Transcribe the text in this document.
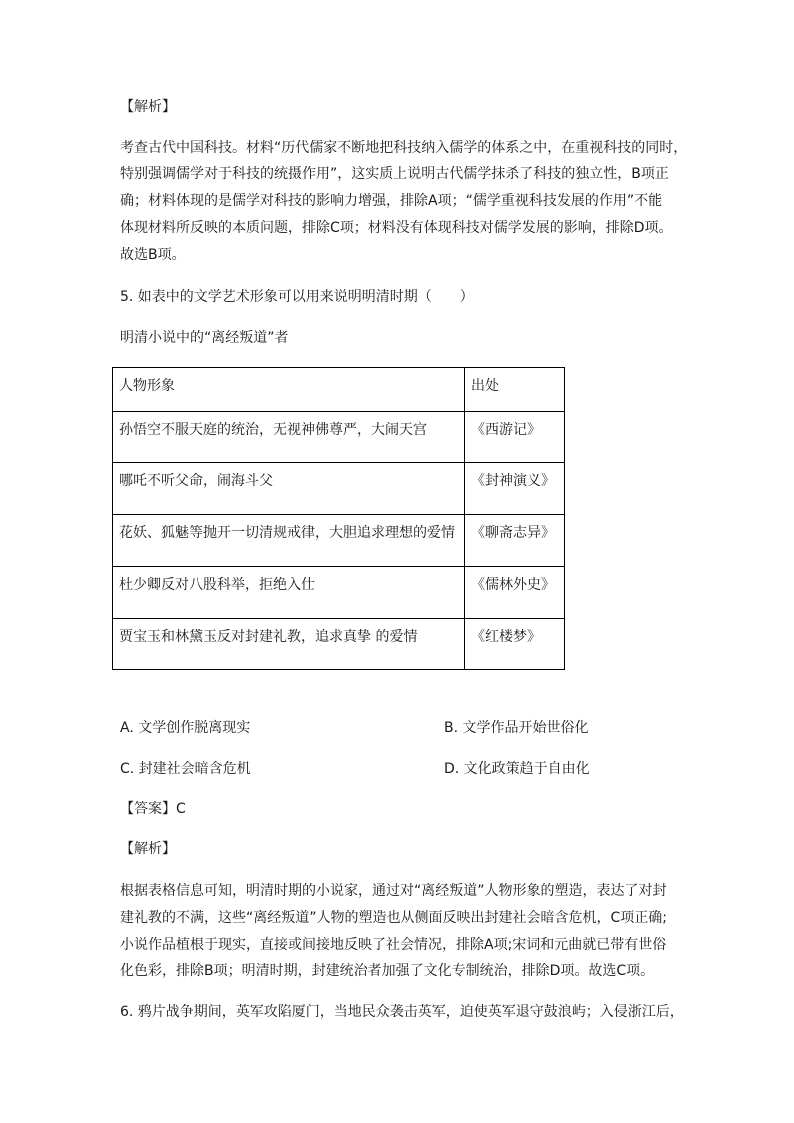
【解析】
考查古代中国科技。材料“历代儒家不断地把科技纳入儒学的体系之中，在重视科技的同时，
特别强调儒学对于科技的统摄作用”，这实质上说明古代儒学抹杀了科技的独立性，B项正
确；材料体现的是儒学对科技的影响力增强，排除A项；“儒学重视科技发展的作用”不能
体现材料所反映的本质问题，排除C项；材料没有体现科技对儒学发展的影响，排除D项。
故选B项。
5. 如表中的文学艺术形象可以用来说明明清时期（　　）
明清小说中的“离经叛道”者
人物形象	出处
孙悟空不服天庭的统治，无视神佛尊严，大闹天宫	《西游记》
哪吒不听父命，闹海斗父	《封神演义》
花妖、狐魅等抛开一切清规戒律，大胆追求理想的爱情	《聊斋志异》
杜少卿反对八股科举，拒绝入仕	《儒林外史》
贾宝玉和林黛玉反对封建礼教，追求真挚 的爱情	《红楼梦》
A. 文学创作脱离现实	B. 文学作品开始世俗化
C. 封建社会暗含危机	D. 文化政策趋于自由化
【答案】C
【解析】
根据表格信息可知，明清时期的小说家，通过对“离经叛道”人物形象的塑造，表达了对封
建礼教的不满，这些“离经叛道”人物的塑造也从侧面反映出封建社会暗含危机，C项正确;
小说作品植根于现实，直接或间接地反映了社会情况，排除A项;宋词和元曲就已带有世俗
化色彩，排除B项；明清时期，封建统治者加强了文化专制统治，排除D项。故选C项。
6. 鸦片战争期间，英军攻陷厦门，当地民众袭击英军，迫使英军退守鼓浪屿；入侵浙江后，
